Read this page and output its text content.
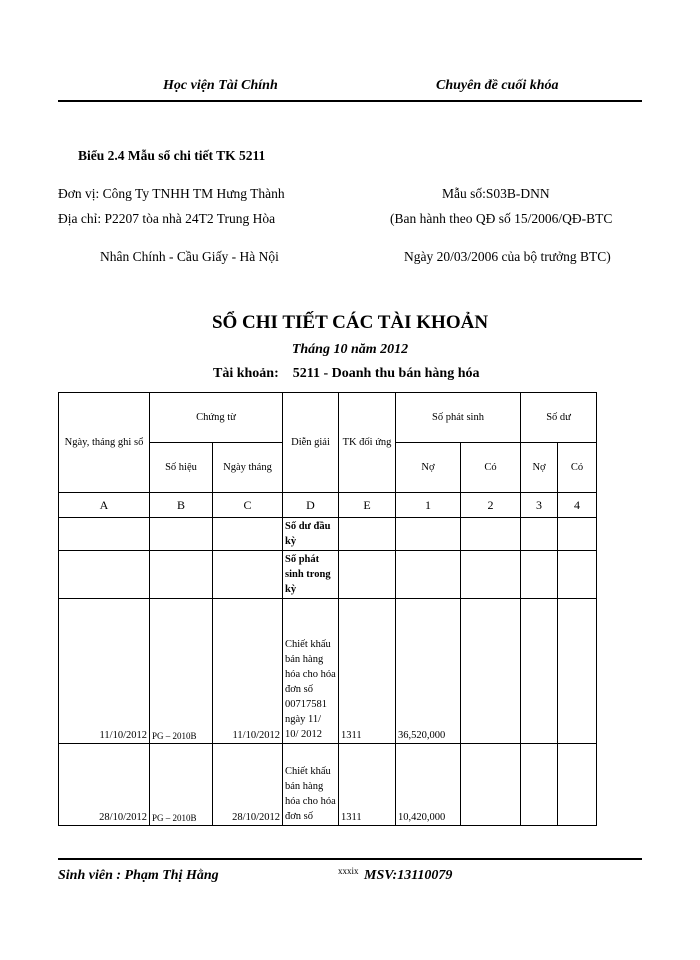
Học viện Tài Chính	Chuyên đề cuối khóa
Biểu 2.4 Mẫu sổ chi tiết TK 5211
Đơn vị: Công Ty TNHH TM Hưng Thành
Địa chỉ: P2207 tòa nhà 24T2 Trung Hòa
Nhân Chính - Cầu Giấy - Hà Nội
Mẫu số:S03B-DNN
(Ban hành theo QĐ số 15/2006/QĐ-BTC
Ngày 20/03/2006 của bộ trưởng BTC)
SỔ CHI TIẾT CÁC TÀI KHOẢN
Tháng 10 năm 2012
Tài khoản: 5211 - Doanh thu bán hàng hóa
Ngày, tháng ghi sổ	Chứng từ		Diễn giải	TK đối ứng	Số phát sinh		Số dư	
	Số hiệu	Ngày tháng			Nợ	Có	Nợ	Có
A	B	C	D	E	1	2	3	4
			Số dư đầu kỳ					
			Số phát sinh trong kỳ					
11/10/2012	PG – 2010B	11/10/2012	Chiết khấu bán hàng hóa cho hóa đơn số 00717581 ngày 11/ 10/ 2012	1311	36,520,000			
28/10/2012	PG – 2010B	28/10/2012	Chiết khấu bán hàng hóa cho hóa đơn số	1311	10,420,000			
Sinh viên : Phạm Thị Hằng	xxxix MSV:13110079
